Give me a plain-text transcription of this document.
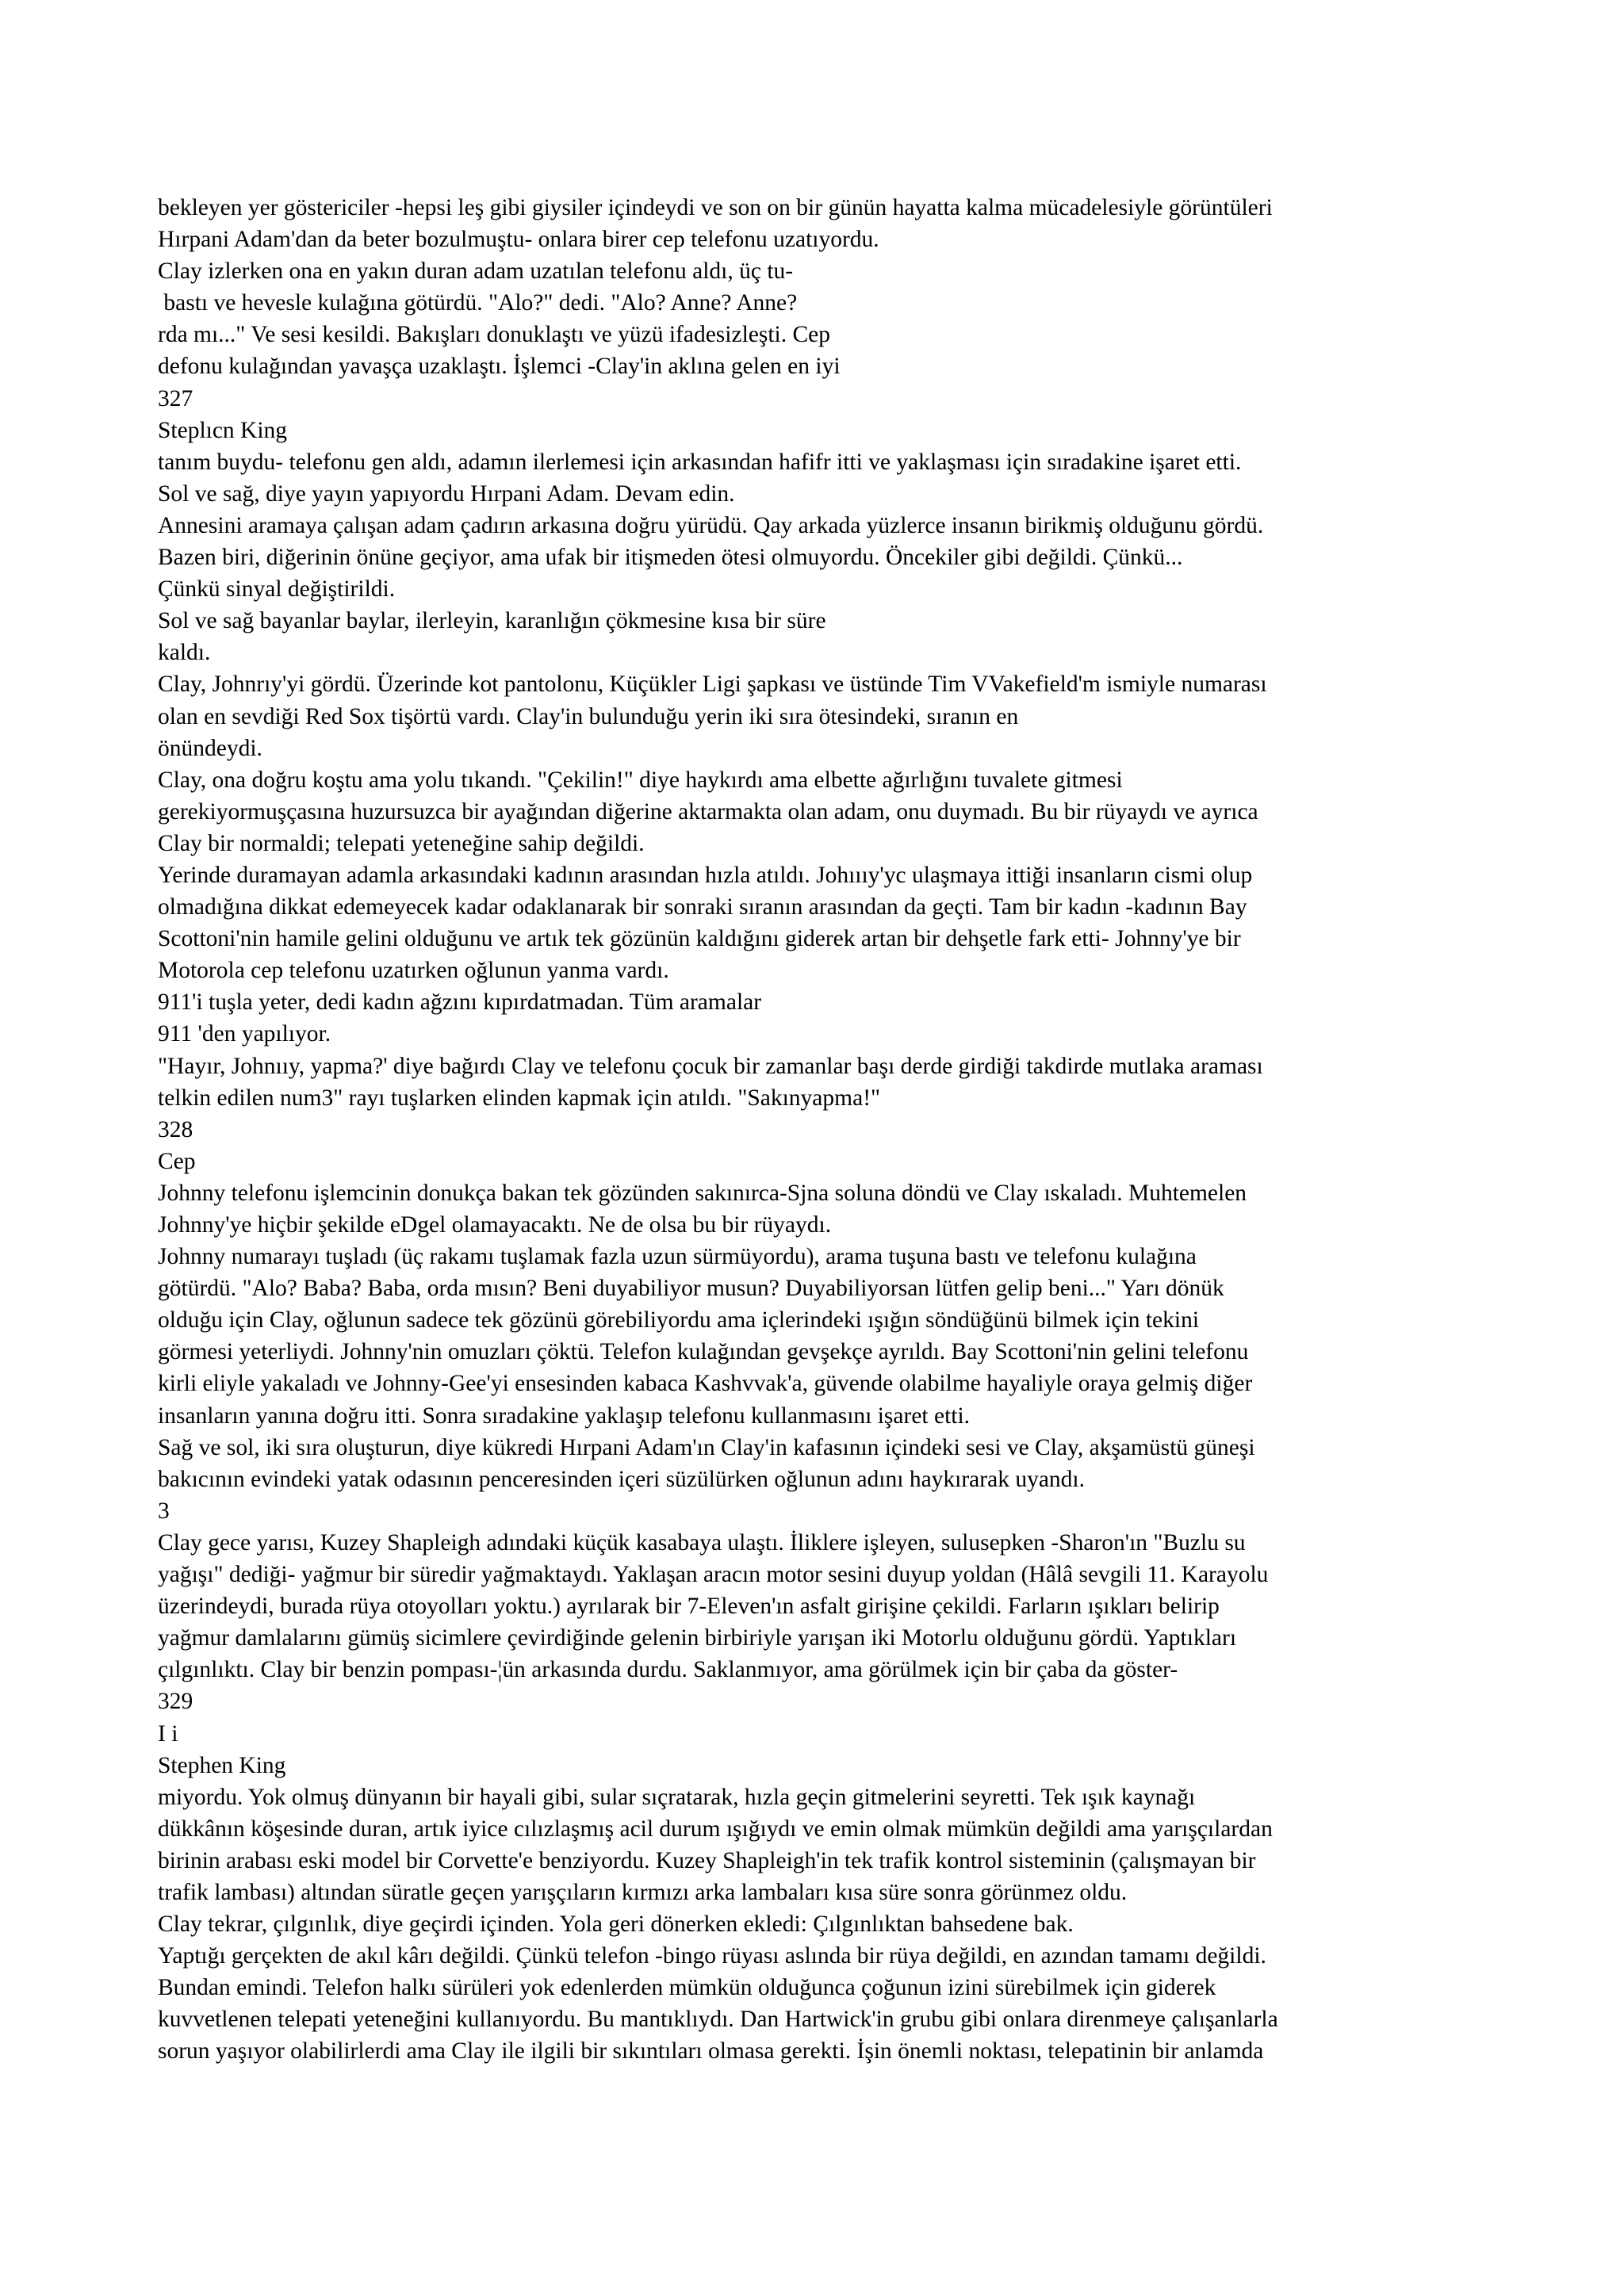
bekleyen yer göstericiler -hepsi leş gibi giysiler içindeydi ve son on bir günün hayatta kalma mücadelesiyle görüntüleri
Hırpani Adam'dan da beter bozulmuştu- onlara birer cep telefonu uzatıyordu.
Clay izlerken ona en yakın duran adam uzatılan telefonu aldı, üç tu-
bastı ve hevesle kulağına götürdü. "Alo?" dedi. "Alo? Anne? Anne?
rda mı..." Ve sesi kesildi. Bakışları donuklaştı ve yüzü ifadesizleşti. Cep
defonu kulağından yavaşça uzaklaştı. İşlemci -Clay'in aklına gelen en iyi
327
Steplıcn King
tanım buydu- telefonu gen aldı, adamın ilerlemesi için arkasından hafifr itti ve yaklaşması için sıradakine işaret etti.
Sol ve sağ, diye yayın yapıyordu Hırpani Adam. Devam edin.
Annesini aramaya çalışan adam çadırın arkasına doğru yürüdü. Qay arkada yüzlerce insanın birikmiş olduğunu gördü.
Bazen biri, diğerinin önüne geçiyor, ama ufak bir itişmeden ötesi olmuyordu. Öncekiler gibi değildi. Çünkü...
Çünkü sinyal değiştirildi.
Sol ve sağ bayanlar baylar, ilerleyin, karanlığın çökmesine kısa bir süre
kaldı.
Clay, Johnrıy'yi gördü. Üzerinde kot pantolonu, Küçükler Ligi şapkası ve üstünde Tim VVakefield'm ismiyle numarası
olan en sevdiği Red Sox tişörtü vardı. Clay'in bulunduğu yerin iki sıra ötesindeki, sıranın en
önündeydi.
Clay, ona doğru koştu ama yolu tıkandı. "Çekilin!" diye haykırdı ama elbette ağırlığını tuvalete gitmesi
gerekiyormuşçasına huzursuzca bir ayağından diğerine aktarmakta olan adam, onu duymadı. Bu bir rüyaydı ve ayrıca
Clay bir normaldi; telepati yeteneğine sahip değildi.
Yerinde duramayan adamla arkasındaki kadının arasından hızla atıldı. Johıııy'yc ulaşmaya ittiği insanların cismi olup
olmadığına dikkat edemeyecek kadar odaklanarak bir sonraki sıranın arasından da geçti. Tam bir kadın -kadının Bay
Scottoni'nin hamile gelini olduğunu ve artık tek gözünün kaldığını giderek artan bir dehşetle fark etti- Johnny'ye bir
Motorola cep telefonu uzatırken oğlunun yanma vardı.
911'i tuşla yeter, dedi kadın ağzını kıpırdatmadan. Tüm aramalar
911 'den yapılıyor.
"Hayır, Johnııy, yapma?' diye bağırdı Clay ve telefonu çocuk bir zamanlar başı derde girdiği takdirde mutlaka araması
telkin edilen num3" rayı tuşlarken elinden kapmak için atıldı. "Sakınyapma!"
328
Cep
Johnny telefonu işlemcinin donukça bakan tek gözünden sakınırca-Sjna soluna döndü ve Clay ıskaladı. Muhtemelen
Johnny'ye hiçbir şekilde eDgel olamayacaktı. Ne de olsa bu bir rüyaydı.
Johnny numarayı tuşladı (üç rakamı tuşlamak fazla uzun sürmüyordu), arama tuşuna bastı ve telefonu kulağına
götürdü. "Alo? Baba? Baba, orda mısın? Beni duyabiliyor musun? Duyabiliyorsan lütfen gelip beni..." Yarı dönük
olduğu için Clay, oğlunun sadece tek gözünü görebiliyordu ama içlerindeki ışığın söndüğünü bilmek için tekini
görmesi yeterliydi. Johnny'nin omuzları çöktü. Telefon kulağından gevşekçe ayrıldı. Bay Scottoni'nin gelini telefonu
kirli eliyle yakaladı ve Johnny-Gee'yi ensesinden kabaca Kashvvak'a, güvende olabilme hayaliyle oraya gelmiş diğer
insanların yanına doğru itti. Sonra sıradakine yaklaşıp telefonu kullanmasını işaret etti.
Sağ ve sol, iki sıra oluşturun, diye kükredi Hırpani Adam'ın Clay'in kafasının içindeki sesi ve Clay, akşamüstü güneşi
bakıcının evindeki yatak odasının penceresinden içeri süzülürken oğlunun adını haykırarak uyandı.
3
Clay gece yarısı, Kuzey Shapleigh adındaki küçük kasabaya ulaştı. İliklere işleyen, sulusepken -Sharon'ın "Buzlu su
yağışı" dediği- yağmur bir süredir yağmaktaydı. Yaklaşan aracın motor sesini duyup yoldan (Hâlâ sevgili 11. Karayolu
üzerindeydi, burada rüya otoyolları yoktu.) ayrılarak bir 7-Eleven'ın asfalt girişine çekildi. Farların ışıkları belirip
yağmur damlalarını gümüş sicimlere çevirdiğinde gelenin birbiriyle yarışan iki Motorlu olduğunu gördü. Yaptıkları
çılgınlıktı. Clay bir benzin pompası-¦ün arkasında durdu. Saklanmıyor, ama görülmek için bir çaba da göster-
329
I i
Stephen King
miyordu. Yok olmuş dünyanın bir hayali gibi, sular sıçratarak, hızla geçin gitmelerini seyretti. Tek ışık kaynağı
dükkânın köşesinde duran, artık iyice cılızlaşmış acil durum ışığıydı ve emin olmak mümkün değildi ama yarışçılardan
birinin arabası eski model bir Corvette'e benziyordu. Kuzey Shapleigh'in tek trafik kontrol sisteminin (çalışmayan bir
trafik lambası) altından süratle geçen yarışçıların kırmızı arka lambaları kısa süre sonra görünmez oldu.
Clay tekrar, çılgınlık, diye geçirdi içinden. Yola geri dönerken ekledi: Çılgınlıktan bahsedene bak.
Yaptığı gerçekten de akıl kârı değildi. Çünkü telefon -bingo rüyası aslında bir rüya değildi, en azından tamamı değildi.
Bundan emindi. Telefon halkı sürüleri yok edenlerden mümkün olduğunca çoğunun izini sürebilmek için giderek
kuvvetlenen telepati yeteneğini kullanıyordu. Bu mantıklıydı. Dan Hartwick'in grubu gibi onlara direnmeye çalışanlarla
sorun yaşıyor olabilirlerdi ama Clay ile ilgili bir sıkıntıları olmasa gerekti. İşin önemli noktası, telepatinin bir anlamda
